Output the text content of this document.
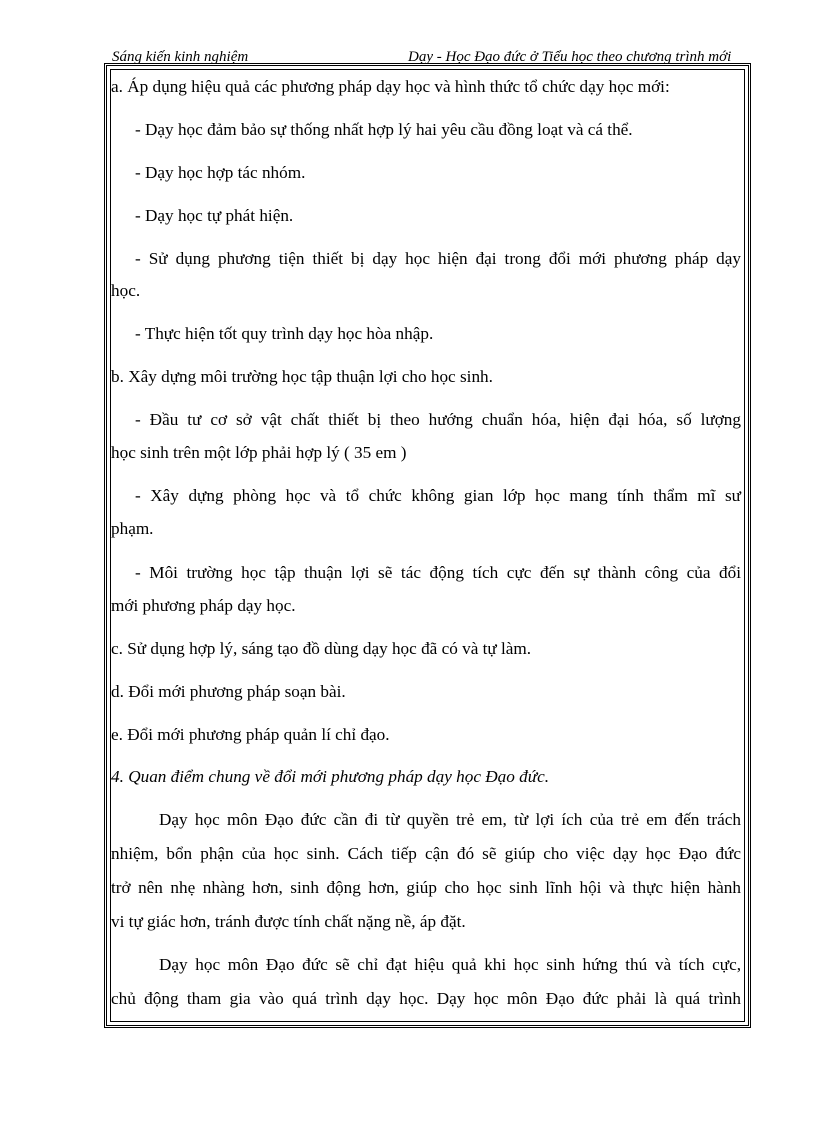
Sáng kiến kinh nghiệm	Dạy - Học Đạo đức ở Tiểu học theo chương trình mới
a. Áp dụng hiệu quả các phương pháp dạy học và hình thức tổ chức dạy học mới:
- Dạy học đảm bảo sự thống nhất hợp lý hai yêu cầu đồng loạt và cá thể.
- Dạy học hợp tác nhóm.
- Dạy học tự phát hiện.
- Sử dụng phương tiện thiết bị dạy học hiện đại trong đổi mới phương pháp dạy
học.
- Thực hiện tốt quy trình dạy học hòa nhập.
b. Xây dựng môi trường học tập thuận lợi cho học sinh.
- Đầu tư cơ sở vật chất thiết bị theo hướng chuẩn hóa, hiện đại hóa, số lượng
học sinh trên một lớp phải hợp lý ( 35 em )
- Xây dựng phòng học và tổ chức không gian lớp học mang tính thẩm mĩ sư
phạm.
- Môi trường học tập thuận lợi sẽ tác động tích cực đến sự thành công của đổi
mới phương pháp dạy học.
c. Sử dụng hợp lý, sáng tạo đồ dùng dạy học đã có và tự làm.
d. Đổi mới phương pháp soạn bài.
e. Đổi mới phương pháp quản lí chỉ đạo.
4. Quan điểm chung về đổi mới phương pháp dạy học Đạo đức.
Dạy học môn Đạo đức cần đi từ quyền trẻ em, từ lợi ích của trẻ em đến trách
nhiệm, bổn phận của học sinh. Cách tiếp cận đó sẽ giúp cho việc dạy học Đạo đức
trở nên nhẹ nhàng hơn, sinh động hơn, giúp cho học sinh lĩnh hội và thực hiện hành
vi tự giác hơn, tránh được tính chất nặng nề, áp đặt.
Dạy học môn Đạo đức sẽ chỉ đạt hiệu quả khi học sinh hứng thú và tích cực,
chủ động tham gia vào quá trình dạy học. Dạy học môn Đạo đức phải là quá trình
